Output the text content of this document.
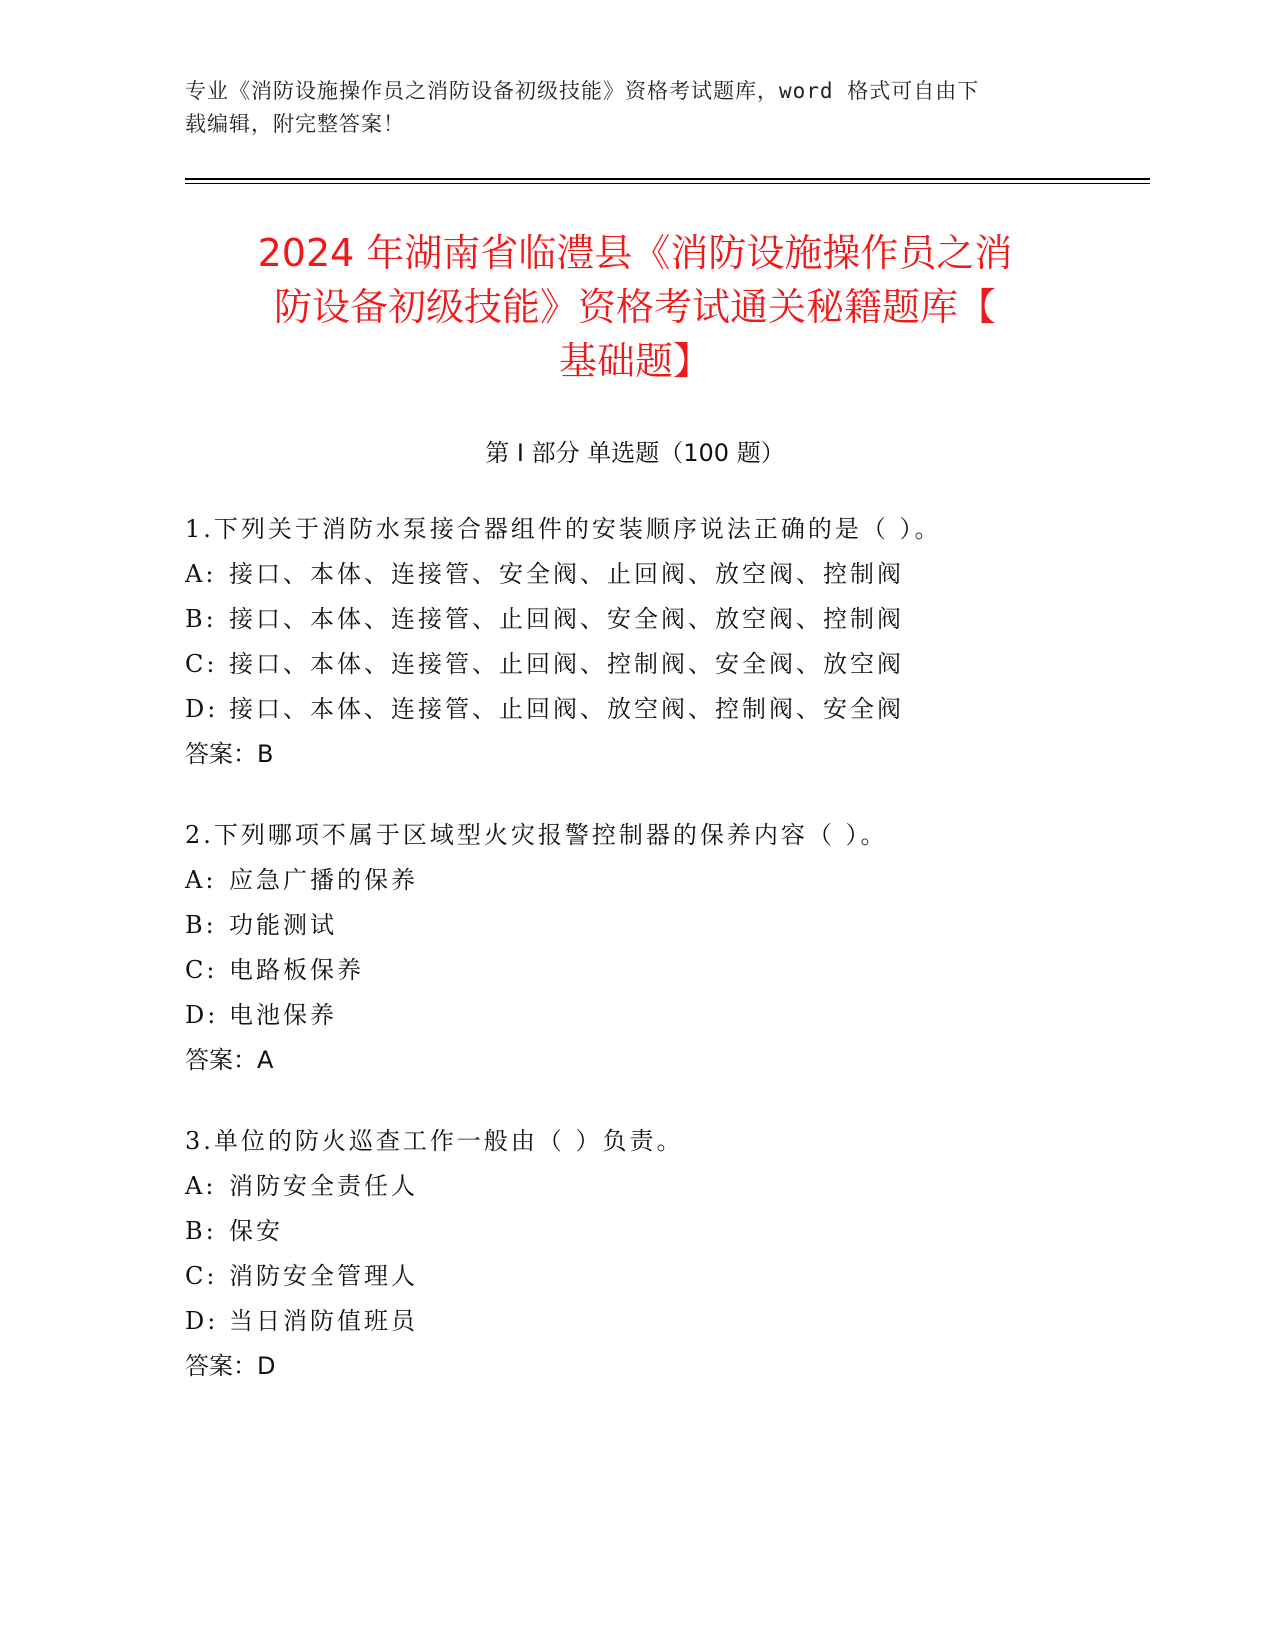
专业《消防设施操作员之消防设备初级技能》资格考试题库，word 格式可自由下
载编辑，附完整答案！
2024 年湖南省临澧县《消防设施操作员之消
防设备初级技能》资格考试通关秘籍题库【
基础题】
第 I 部分 单选题（100 题）
1.下列关于消防水泵接合器组件的安装顺序说法正确的是（ ）。
A: 接口、本体、连接管、安全阀、止回阀、放空阀、控制阀
B: 接口、本体、连接管、止回阀、安全阀、放空阀、控制阀
C: 接口、本体、连接管、止回阀、控制阀、安全阀、放空阀
D: 接口、本体、连接管、止回阀、放空阀、控制阀、安全阀
答案：B
2.下列哪项不属于区域型火灾报警控制器的保养内容（ ）。
A: 应急广播的保养
B: 功能测试
C: 电路板保养
D: 电池保养
答案：A
3.单位的防火巡查工作一般由（ ）负责。
A: 消防安全责任人
B: 保安
C: 消防安全管理人
D: 当日消防值班员
答案：D
